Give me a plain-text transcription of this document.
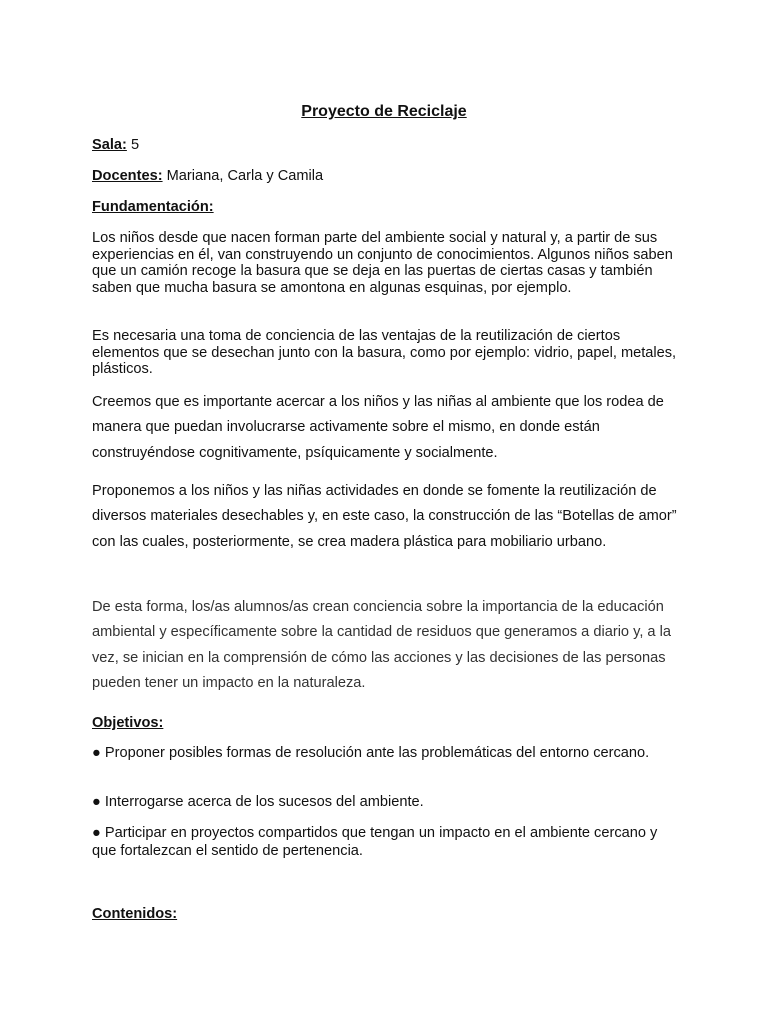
Proyecto de Reciclaje

Sala: 5

Docentes: Mariana, Carla y Camila

Fundamentación:

Los niños desde que nacen forman parte del ambiente social y natural y, a partir de sus experiencias en él, van construyendo un conjunto de conocimientos. Algunos niños saben que un camión recoge la basura que se deja en las puertas de ciertas casas y también saben que mucha basura se amontona en algunas esquinas, por ejemplo.

Es necesaria una toma de conciencia de las ventajas de la reutilización de ciertos elementos que se desechan junto con la basura, como por ejemplo: vidrio, papel, metales, plásticos.

Creemos que es importante acercar a los niños y las niñas al ambiente que los rodea de manera que puedan involucrarse activamente sobre el mismo, en donde están construyéndose cognitivamente, psíquicamente y socialmente.

Proponemos a los niños y las niñas actividades en donde se fomente la reutilización de diversos materiales desechables y, en este caso, la construcción de las “Botellas de amor” con las cuales, posteriormente, se crea madera plástica para mobiliario urbano.

De esta forma, los/as alumnos/as crean conciencia sobre la importancia de la educación ambiental y específicamente sobre la cantidad de residuos que generamos a diario y, a la vez, se inician en la comprensión de cómo las acciones y las decisiones de las personas pueden tener un impacto en la naturaleza.

Objetivos:

● Proponer posibles formas de resolución ante las problemáticas del entorno cercano.

● Interrogarse acerca de los sucesos del ambiente.

● Participar en proyectos compartidos que tengan un impacto en el ambiente cercano y que fortalezcan el sentido de pertenencia.

Contenidos:
